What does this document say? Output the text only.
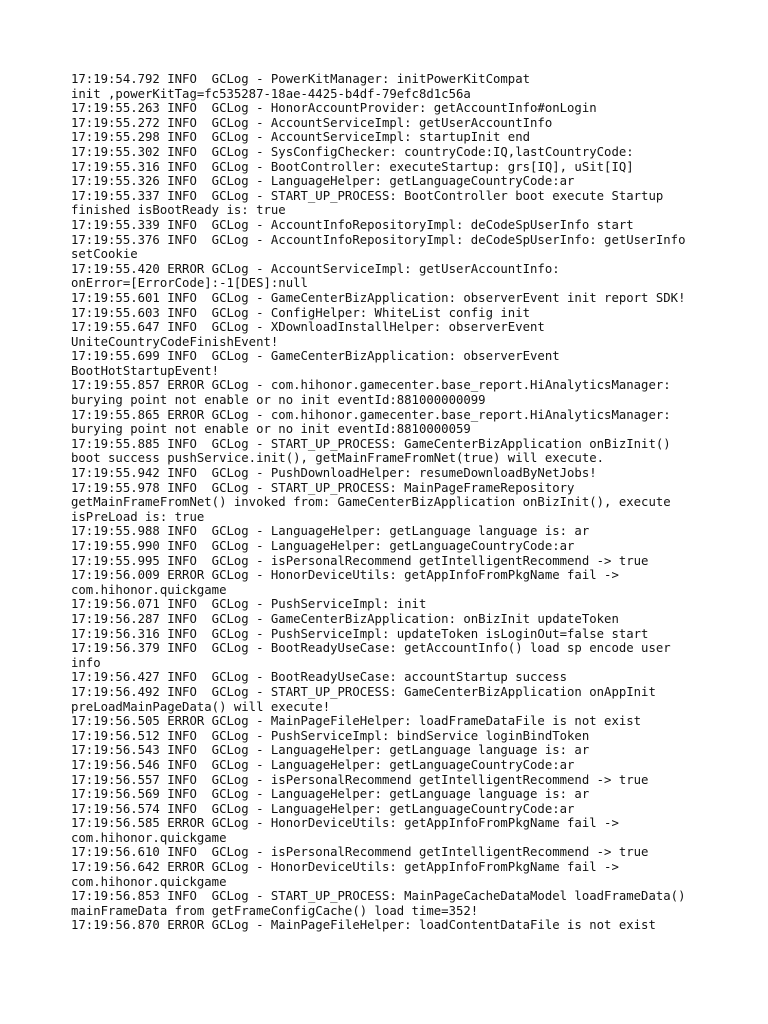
17:19:54.792 INFO  GCLog - PowerKitManager: initPowerKitCompat
init ,powerKitTag=fc535287-18ae-4425-b4df-79efc8d1c56a
17:19:55.263 INFO  GCLog - HonorAccountProvider: getAccountInfo#onLogin
17:19:55.272 INFO  GCLog - AccountServiceImpl: getUserAccountInfo
17:19:55.298 INFO  GCLog - AccountServiceImpl: startupInit end
17:19:55.302 INFO  GCLog - SysConfigChecker: countryCode:IQ,lastCountryCode:
17:19:55.316 INFO  GCLog - BootController: executeStartup: grs[IQ], uSit[IQ]
17:19:55.326 INFO  GCLog - LanguageHelper: getLanguageCountryCode:ar
17:19:55.337 INFO  GCLog - START_UP_PROCESS: BootController boot execute Startup
finished isBootReady is: true
17:19:55.339 INFO  GCLog - AccountInfoRepositoryImpl: deCodeSpUserInfo start
17:19:55.376 INFO  GCLog - AccountInfoRepositoryImpl: deCodeSpUserInfo: getUserInfo
setCookie
17:19:55.420 ERROR GCLog - AccountServiceImpl: getUserAccountInfo:
onError=[ErrorCode]:-1[DES]:null
17:19:55.601 INFO  GCLog - GameCenterBizApplication: observerEvent init report SDK!
17:19:55.603 INFO  GCLog - ConfigHelper: WhiteList config init
17:19:55.647 INFO  GCLog - XDownloadInstallHelper: observerEvent
UniteCountryCodeFinishEvent!
17:19:55.699 INFO  GCLog - GameCenterBizApplication: observerEvent
BootHotStartupEvent!
17:19:55.857 ERROR GCLog - com.hihonor.gamecenter.base_report.HiAnalyticsManager:
burying point not enable or no init eventId:881000000099
17:19:55.865 ERROR GCLog - com.hihonor.gamecenter.base_report.HiAnalyticsManager:
burying point not enable or no init eventId:8810000059
17:19:55.885 INFO  GCLog - START_UP_PROCESS: GameCenterBizApplication onBizInit()
boot success pushService.init(), getMainFrameFromNet(true) will execute.
17:19:55.942 INFO  GCLog - PushDownloadHelper: resumeDownloadByNetJobs!
17:19:55.978 INFO  GCLog - START_UP_PROCESS: MainPageFrameRepository
getMainFrameFromNet() invoked from: GameCenterBizApplication onBizInit(), execute
isPreLoad is: true
17:19:55.988 INFO  GCLog - LanguageHelper: getLanguage language is: ar
17:19:55.990 INFO  GCLog - LanguageHelper: getLanguageCountryCode:ar
17:19:55.995 INFO  GCLog - isPersonalRecommend getIntelligentRecommend -> true
17:19:56.009 ERROR GCLog - HonorDeviceUtils: getAppInfoFromPkgName fail ->
com.hihonor.quickgame
17:19:56.071 INFO  GCLog - PushServiceImpl: init
17:19:56.287 INFO  GCLog - GameCenterBizApplication: onBizInit updateToken
17:19:56.316 INFO  GCLog - PushServiceImpl: updateToken isLoginOut=false start
17:19:56.379 INFO  GCLog - BootReadyUseCase: getAccountInfo() load sp encode user
info
17:19:56.427 INFO  GCLog - BootReadyUseCase: accountStartup success
17:19:56.492 INFO  GCLog - START_UP_PROCESS: GameCenterBizApplication onAppInit
preLoadMainPageData() will execute!
17:19:56.505 ERROR GCLog - MainPageFileHelper: loadFrameDataFile is not exist
17:19:56.512 INFO  GCLog - PushServiceImpl: bindService loginBindToken
17:19:56.543 INFO  GCLog - LanguageHelper: getLanguage language is: ar
17:19:56.546 INFO  GCLog - LanguageHelper: getLanguageCountryCode:ar
17:19:56.557 INFO  GCLog - isPersonalRecommend getIntelligentRecommend -> true
17:19:56.569 INFO  GCLog - LanguageHelper: getLanguage language is: ar
17:19:56.574 INFO  GCLog - LanguageHelper: getLanguageCountryCode:ar
17:19:56.585 ERROR GCLog - HonorDeviceUtils: getAppInfoFromPkgName fail ->
com.hihonor.quickgame
17:19:56.610 INFO  GCLog - isPersonalRecommend getIntelligentRecommend -> true
17:19:56.642 ERROR GCLog - HonorDeviceUtils: getAppInfoFromPkgName fail ->
com.hihonor.quickgame
17:19:56.853 INFO  GCLog - START_UP_PROCESS: MainPageCacheDataModel loadFrameData()
mainFrameData from getFrameConfigCache() load time=352!
17:19:56.870 ERROR GCLog - MainPageFileHelper: loadContentDataFile is not exist
